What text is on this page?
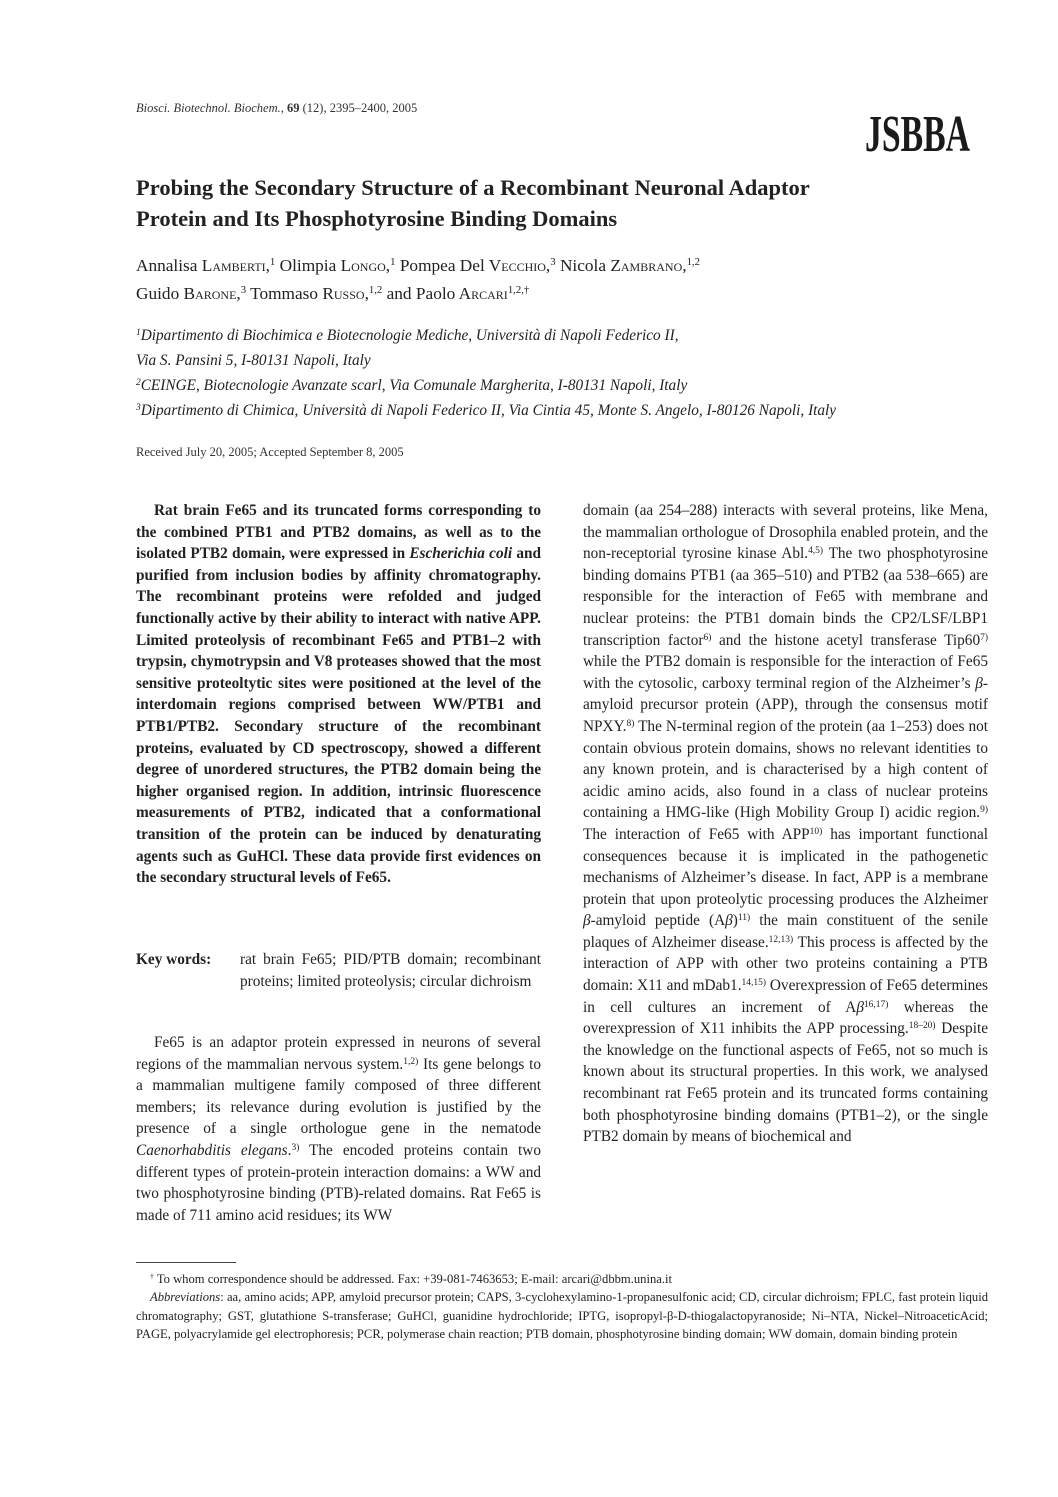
Biosci. Biotechnol. Biochem., 69 (12), 2395–2400, 2005	JSBBA
Probing the Secondary Structure of a Recombinant Neuronal Adaptor
Protein and Its Phosphotyrosine Binding Domains
Annalisa Lamberti,$^1$ Olimpia Longo,$^1$ Pompea Del Vecchio,$^3$ Nicola Zambrano,$^{1,2}$
Guido Barone,$^3$ Tommaso Russo,$^{1,2}$ and Paolo Arcari$^{1,2,\dagger}$
$^1$Dipartimento di Biochimica e Biotecnologie Mediche, Università di Napoli Federico II,
Via S. Pansini 5, I-80131 Napoli, Italy
$^2$CEINGE, Biotecnologie Avanzate scarl, Via Comunale Margherita, I-80131 Napoli, Italy
$^3$Dipartimento di Chimica, Università di Napoli Federico II, Via Cintia 45, Monte S. Angelo, I-80126 Napoli, Italy
Received July 20, 2005; Accepted September 8, 2005

Rat brain Fe65 and its truncated forms corresponding to the combined PTB1 and PTB2 domains, as well as to the isolated PTB2 domain, were expressed in Escherichia coli and purified from inclusion bodies by affinity chromatography. The recombinant proteins were refolded and judged functionally active by their ability to interact with native APP. Limited proteolysis of recombinant Fe65 and PTB1–2 with trypsin, chymotrypsin and V8 proteases showed that the most sensitive proteoltytic sites were positioned at the level of the interdomain regions comprised between WW/PTB1 and PTB1/PTB2. Secondary structure of the recombinant proteins, evaluated by CD spectroscopy, showed a different degree of unordered structures, the PTB2 domain being the higher organised region. In addition, intrinsic fluorescence measurements of PTB2, indicated that a conformational transition of the protein can be induced by denaturating agents such as GuHCl. These data provide first evidences on the secondary structural levels of Fe65.

Key words: rat brain Fe65; PID/PTB domain; recombinant proteins; limited proteolysis; circular dichroism

Fe65 is an adaptor protein expressed in neurons of several regions of the mammalian nervous system.$^{1,2)}$ Its gene belongs to a mammalian multigene family composed of three different members; its relevance during evolution is justified by the presence of a single orthologue gene in the nematode Caenorhabditis elegans.$^{3)}$ The encoded proteins contain two different types of protein-protein interaction domains: a WW and two phosphotyrosine binding (PTB)-related domains. Rat Fe65 is made of 711 amino acid residues; its WW

domain (aa 254–288) interacts with several proteins, like Mena, the mammalian orthologue of Drosophila enabled protein, and the non-receptorial tyrosine kinase Abl.$^{4,5)}$ The two phosphotyrosine binding domains PTB1 (aa 365–510) and PTB2 (aa 538–665) are responsible for the interaction of Fe65 with membrane and nuclear proteins: the PTB1 domain binds the CP2/LSF/LBP1 transcription factor$^{6)}$ and the histone acetyl transferase Tip60$^{7)}$ while the PTB2 domain is responsible for the interaction of Fe65 with the cytosolic, carboxy terminal region of the Alzheimer’s β-amyloid precursor protein (APP), through the consensus motif NPXY.$^{8)}$ The N-terminal region of the protein (aa 1–253) does not contain obvious protein domains, shows no relevant identities to any known protein, and is characterised by a high content of acidic amino acids, also found in a class of nuclear proteins containing a HMG-like (High Mobility Group I) acidic region.$^{9)}$ The interaction of Fe65 with APP$^{10)}$ has important functional consequences because it is implicated in the pathogenetic mechanisms of Alzheimer’s disease. In fact, APP is a membrane protein that upon proteolytic processing produces the Alzheimer β-amyloid peptide $(A\beta)^{11)}$ the main constituent of the senile plaques of Alzheimer disease.$^{12,13)}$ This process is affected by the interaction of APP with other two proteins containing a PTB domain: X11 and mDab1.$^{14,15)}$ Overexpression of Fe65 determines in cell cultures an increment of Aβ$^{16,17)}$ whereas the overexpression of X11 inhibits the APP processing.$^{18-20)}$ Despite the knowledge on the functional aspects of Fe65, not so much is known about its structural properties. In this work, we analysed recombinant rat Fe65 protein and its truncated forms containing both phosphotyrosine binding domains (PTB1–2), or the single PTB2 domain by means of biochemical and

† To whom correspondence should be addressed. Fax: +39-081-7463653; E-mail: arcari@dbbm.unina.it
Abbreviations: aa, amino acids; APP, amyloid precursor protein; CAPS, 3-cyclohexylamino-1-propanesulfonic acid; CD, circular dichroism; FPLC, fast protein liquid chromatography; GST, glutathione S-transferase; GuHCl, guanidine hydrochloride; IPTG, isopropyl-β-D-thiogalactopyranoside; Ni–NTA, Nickel–NitroaceticAcid; PAGE, polyacrylamide gel electrophoresis; PCR, polymerase chain reaction; PTB domain, phosphotyrosine binding domain; WW domain, domain binding protein
